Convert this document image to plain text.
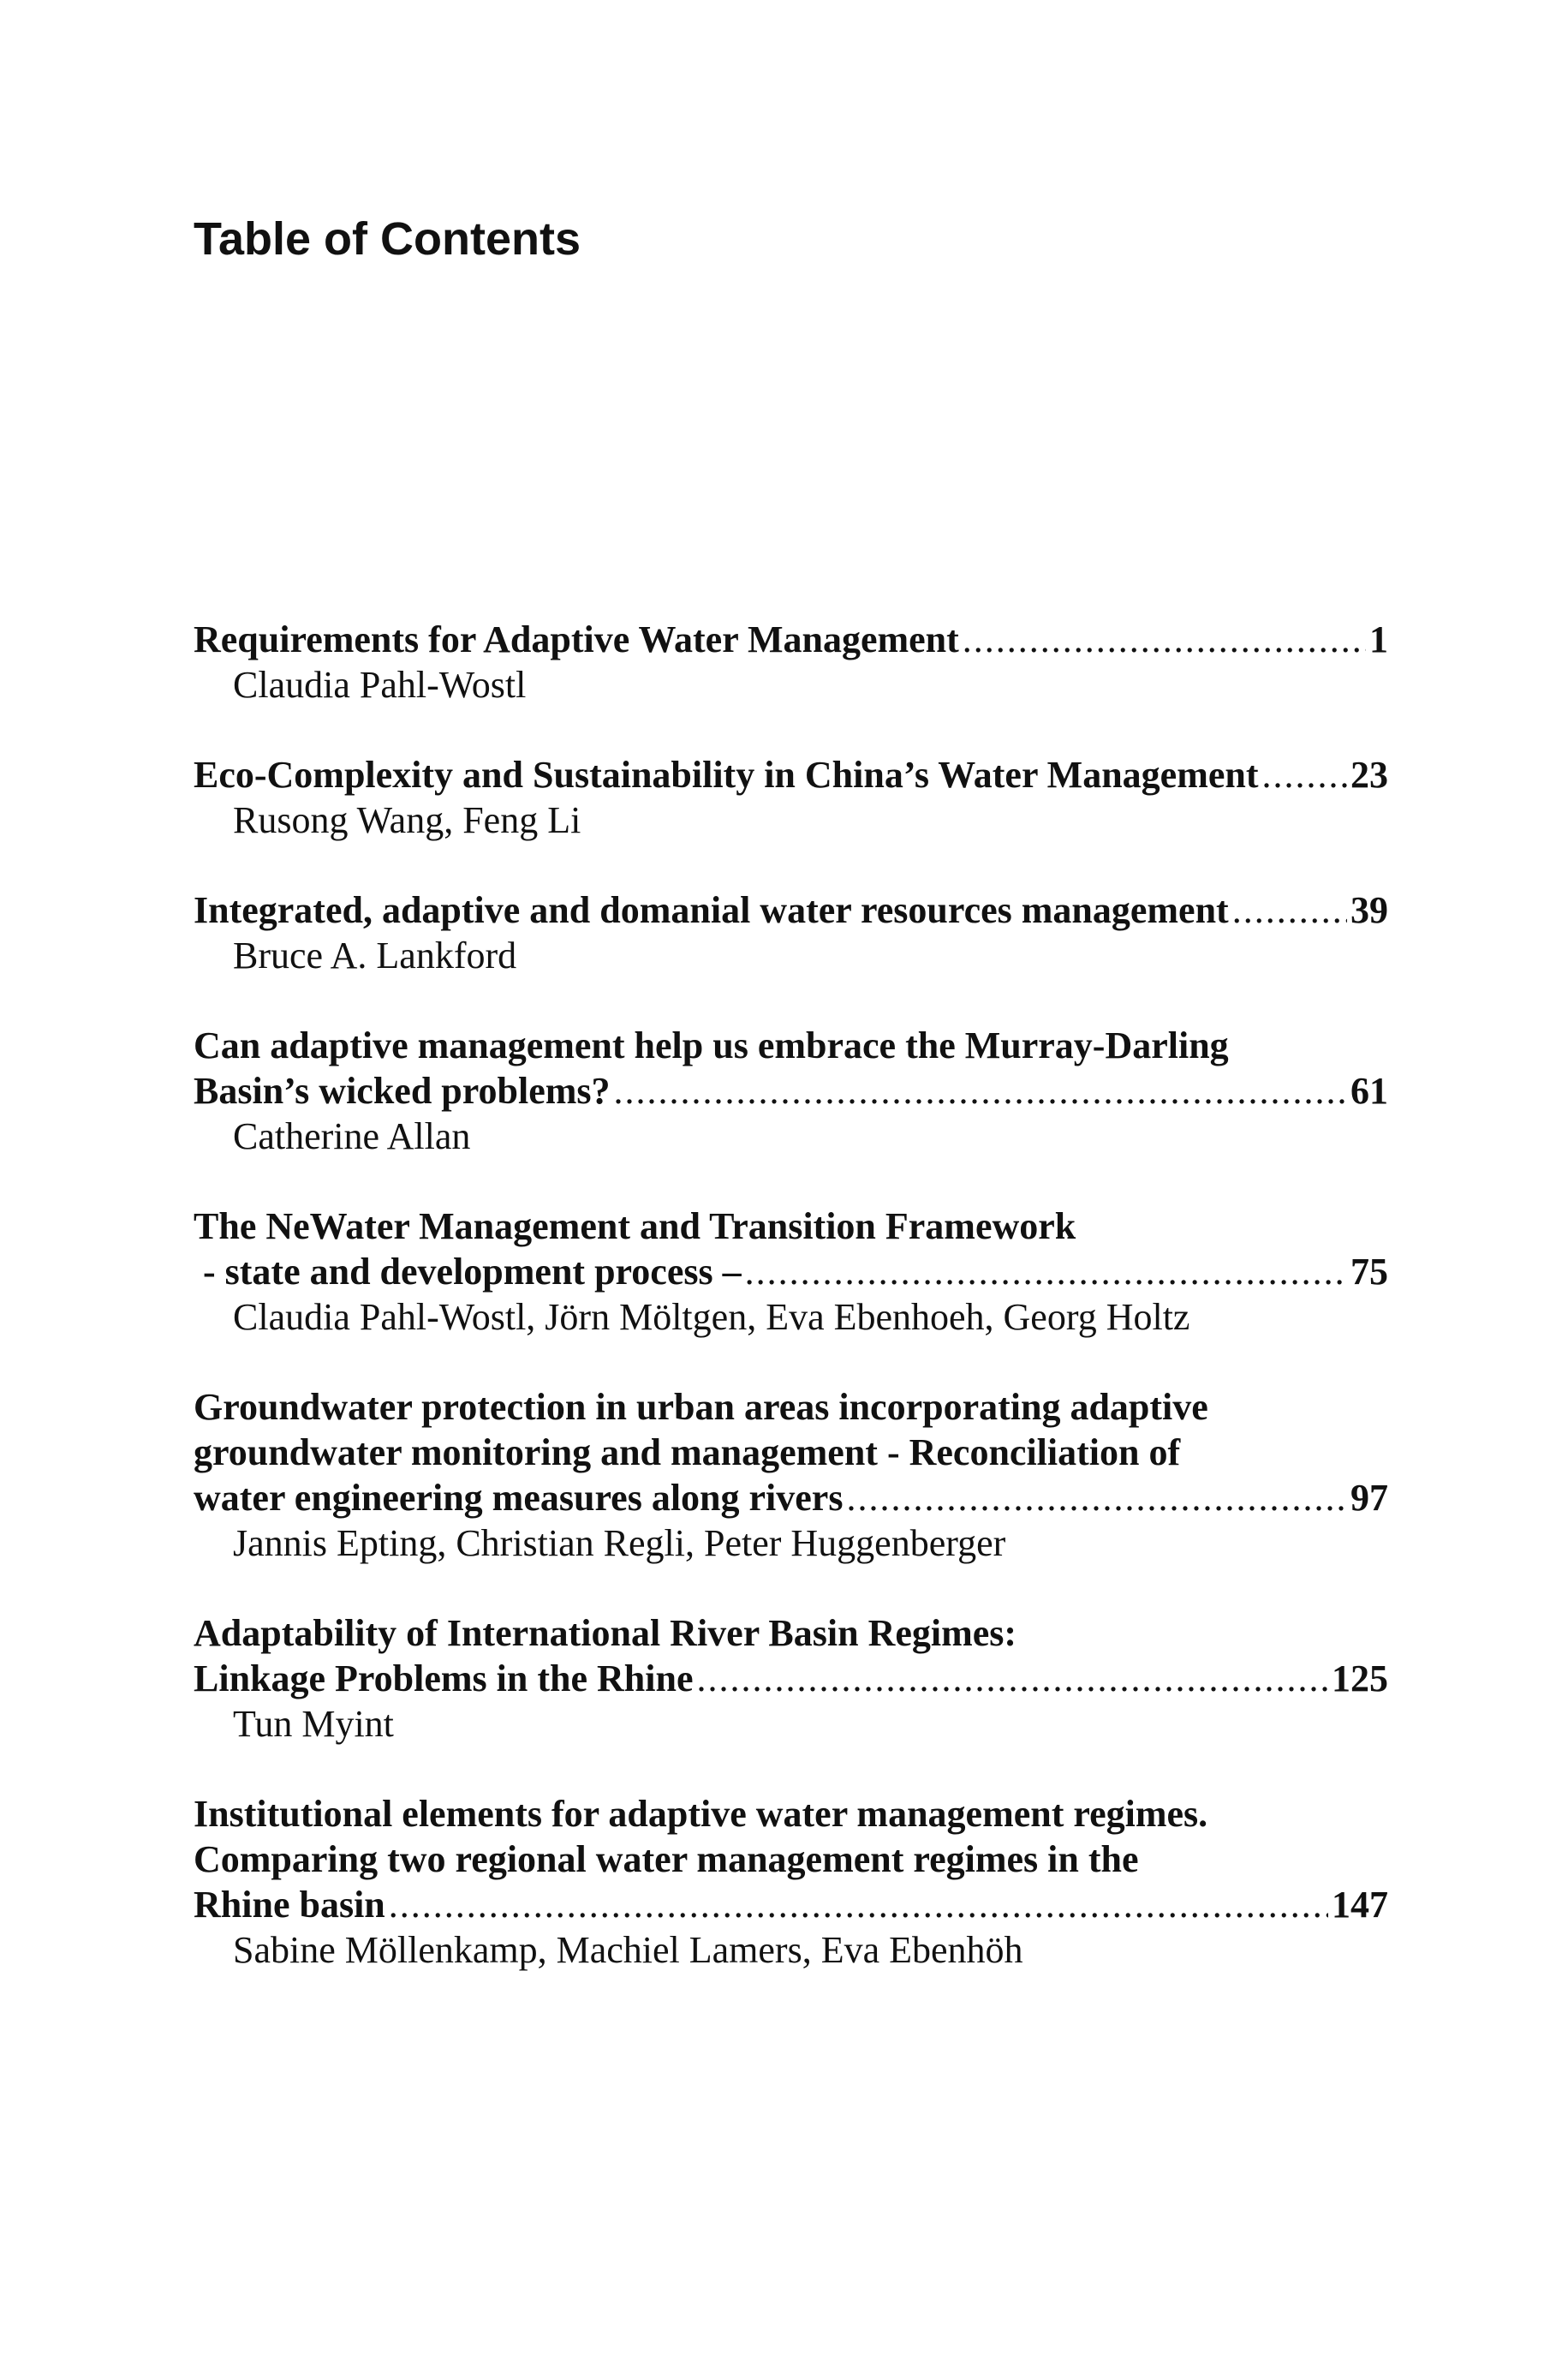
Table of Contents
Requirements for Adaptive Water Management .....	1
Claudia Pahl-Wostl
Eco-Complexity and Sustainability in China’s Water Management ..... 23
Rusong Wang, Feng Li
Integrated, adaptive and domanial water resources management .....	39
Bruce A. Lankford
Can adaptive management help us embrace the Murray-Darling
Basin’s wicked problems? .....	61
Catherine Allan
The NeWater Management and Transition Framework
- state and development process – .....	75
Claudia Pahl-Wostl, Jörn Möltgen, Eva Ebenhoeh, Georg Holtz
Groundwater protection in urban areas incorporating adaptive
groundwater monitoring and management - Reconciliation of
water engineering measures along rivers .....	97
Jannis Epting, Christian Regli, Peter Huggenberger
Adaptability of International River Basin Regimes:
Linkage Problems in the Rhine .....	125
Tun Myint
Institutional elements for adaptive water management regimes.
Comparing two regional water management regimes in the
Rhine basin .....	147
Sabine Möllenkamp, Machiel Lamers, Eva Ebenhöh
